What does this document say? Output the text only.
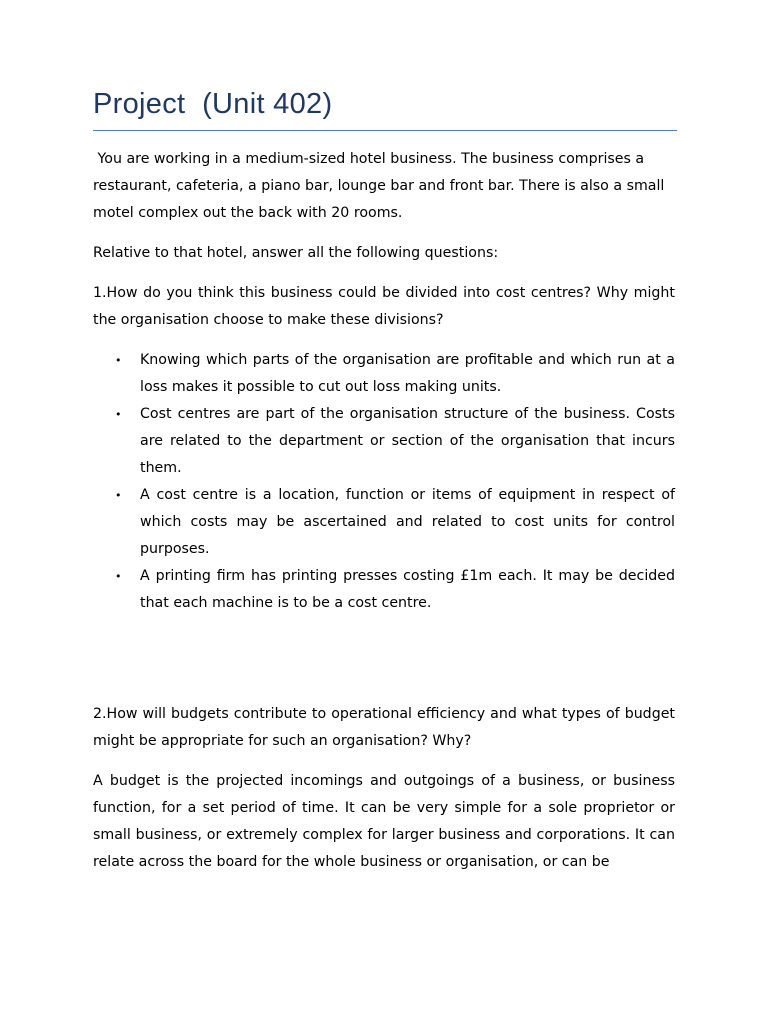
Project  (Unit 402)

You are working in a medium-sized hotel business. The business comprises a restaurant, cafeteria, a piano bar, lounge bar and front bar. There is also a small motel complex out the back with 20 rooms.

Relative to that hotel, answer all the following questions:

1.How do you think this business could be divided into cost centres? Why might the organisation choose to make these divisions?

• Knowing which parts of the organisation are profitable and which run at a loss makes it possible to cut out loss making units.
• Cost centres are part of the organisation structure of the business. Costs are related to the department or section of the organisation that incurs them.
• A cost centre is a location, function or items of equipment in respect of which costs may be ascertained and related to cost units for control purposes.
• A printing firm has printing presses costing £1m each. It may be decided that each machine is to be a cost centre.

2.How will budgets contribute to operational efficiency and what types of budget might be appropriate for such an organisation? Why?

A budget is the projected incomings and outgoings of a business, or business function, for a set period of time. It can be very simple for a sole proprietor or small business, or extremely complex for larger business and corporations. It can relate across the board for the whole business or organisation, or can be
